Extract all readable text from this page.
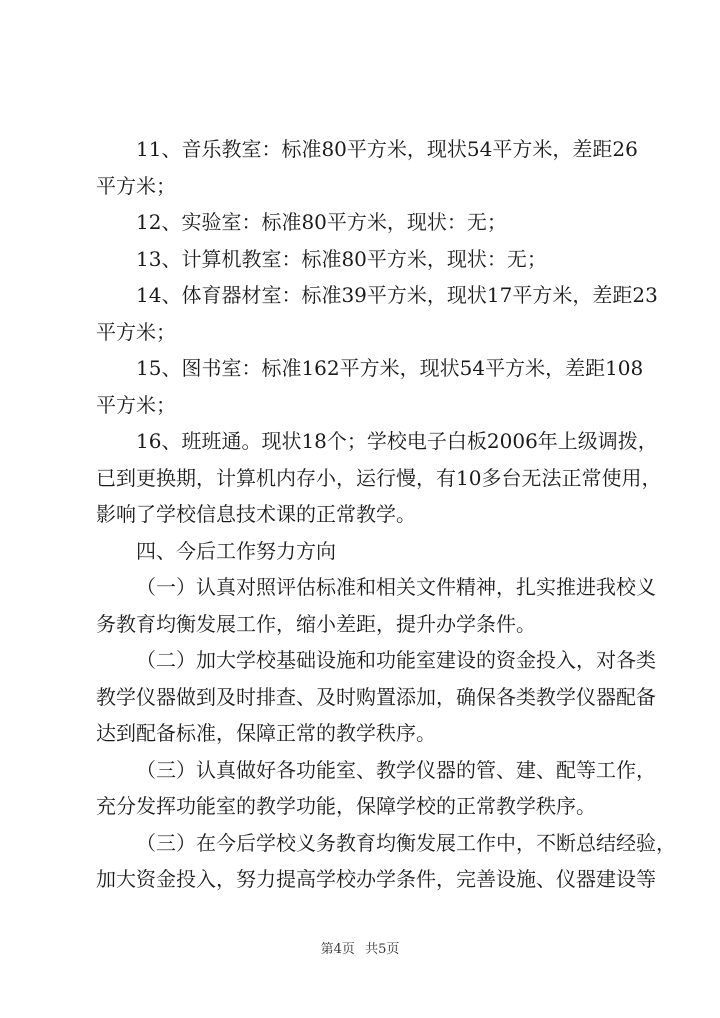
11、音乐教室：标准80平方米，现状54平方米，差距26
平方米；
12、实验室：标准80平方米，现状：无；
13、计算机教室：标准80平方米，现状：无；
14、体育器材室：标准39平方米，现状17平方米，差距23
平方米；
15、图书室：标准162平方米，现状54平方米，差距108
平方米；
16、班班通。现状18个；学校电子白板2006年上级调拨，
已到更换期，计算机内存小，运行慢，有10多台无法正常使用，
影响了学校信息技术课的正常教学。
四、今后工作努力方向
（一）认真对照评估标准和相关文件精神，扎实推进我校义
务教育均衡发展工作，缩小差距，提升办学条件。
（二）加大学校基础设施和功能室建设的资金投入，对各类
教学仪器做到及时排查、及时购置添加，确保各类教学仪器配备
达到配备标准，保障正常的教学秩序。
（三）认真做好各功能室、教学仪器的管、建、配等工作，
充分发挥功能室的教学功能，保障学校的正常教学秩序。
（三）在今后学校义务教育均衡发展工作中，不断总结经验，
加大资金投入，努力提高学校办学条件，完善设施、仪器建设等
第4页 共5页
